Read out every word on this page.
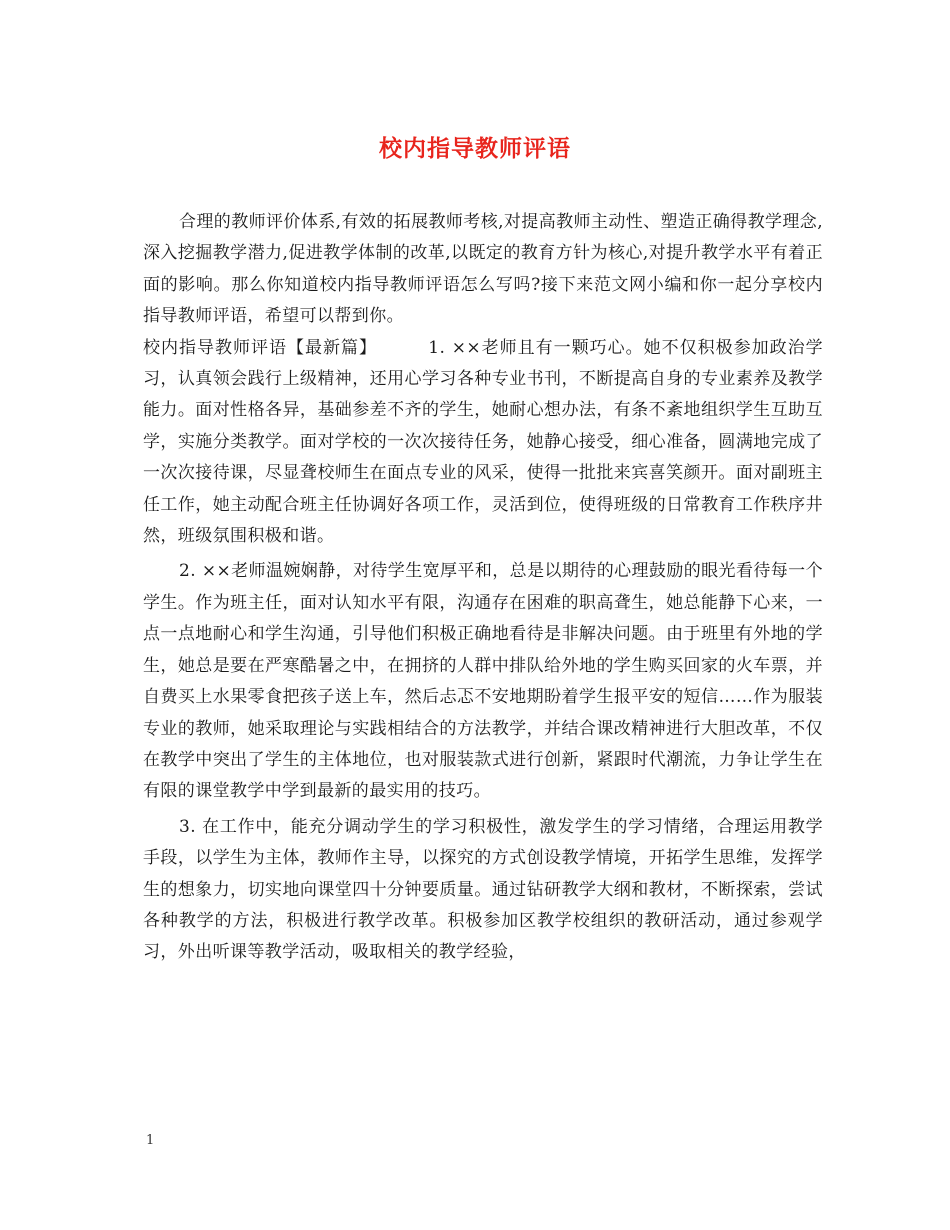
校内指导教师评语

合理的教师评价体系,有效的拓展教师考核,对提高教师主动性、塑造正确得教学理念,深入挖掘教学潜力,促进教学体制的改革,以既定的教育方针为核心,对提升教学水平有着正面的影响。那么你知道校内指导教师评语怎么写吗?接下来范文网小编和你一起分享校内指导教师评语，希望可以帮到你。

校内指导教师评语【最新篇】	1. ××老师且有一颗巧心。她不仅积极参加政治学习，认真领会践行上级精神，还用心学习各种专业书刊，不断提高自身的专业素养及教学能力。面对性格各异，基础参差不齐的学生，她耐心想办法，有条不紊地组织学生互助互学，实施分类教学。面对学校的一次次接待任务，她静心接受，细心准备，圆满地完成了一次次接待课，尽显聋校师生在面点专业的风采，使得一批批来宾喜笑颜开。面对副班主任工作，她主动配合班主任协调好各项工作，灵活到位，使得班级的日常教育工作秩序井然，班级氛围积极和谐。

2. ××老师温婉娴静，对待学生宽厚平和，总是以期待的心理鼓励的眼光看待每一个学生。作为班主任，面对认知水平有限，沟通存在困难的职高聋生，她总能静下心来，一点一点地耐心和学生沟通，引导他们积极正确地看待是非解决问题。由于班里有外地的学生，她总是要在严寒酷暑之中，在拥挤的人群中排队给外地的学生购买回家的火车票，并自费买上水果零食把孩子送上车，然后忐忑不安地期盼着学生报平安的短信……作为服装专业的教师，她采取理论与实践相结合的方法教学，并结合课改精神进行大胆改革，不仅在教学中突出了学生的主体地位，也对服装款式进行创新，紧跟时代潮流，力争让学生在有限的课堂教学中学到最新的最实用的技巧。

3. 在工作中，能充分调动学生的学习积极性，激发学生的学习情绪，合理运用教学手段，以学生为主体，教师作主导，以探究的方式创设教学情境，开拓学生思维，发挥学生的想象力，切实地向课堂四十分钟要质量。通过钻研教学大纲和教材，不断探索，尝试各种教学的方法，积极进行教学改革。积极参加区教学校组织的教研活动，通过参观学习，外出听课等教学活动，吸取相关的教学经验，

1
